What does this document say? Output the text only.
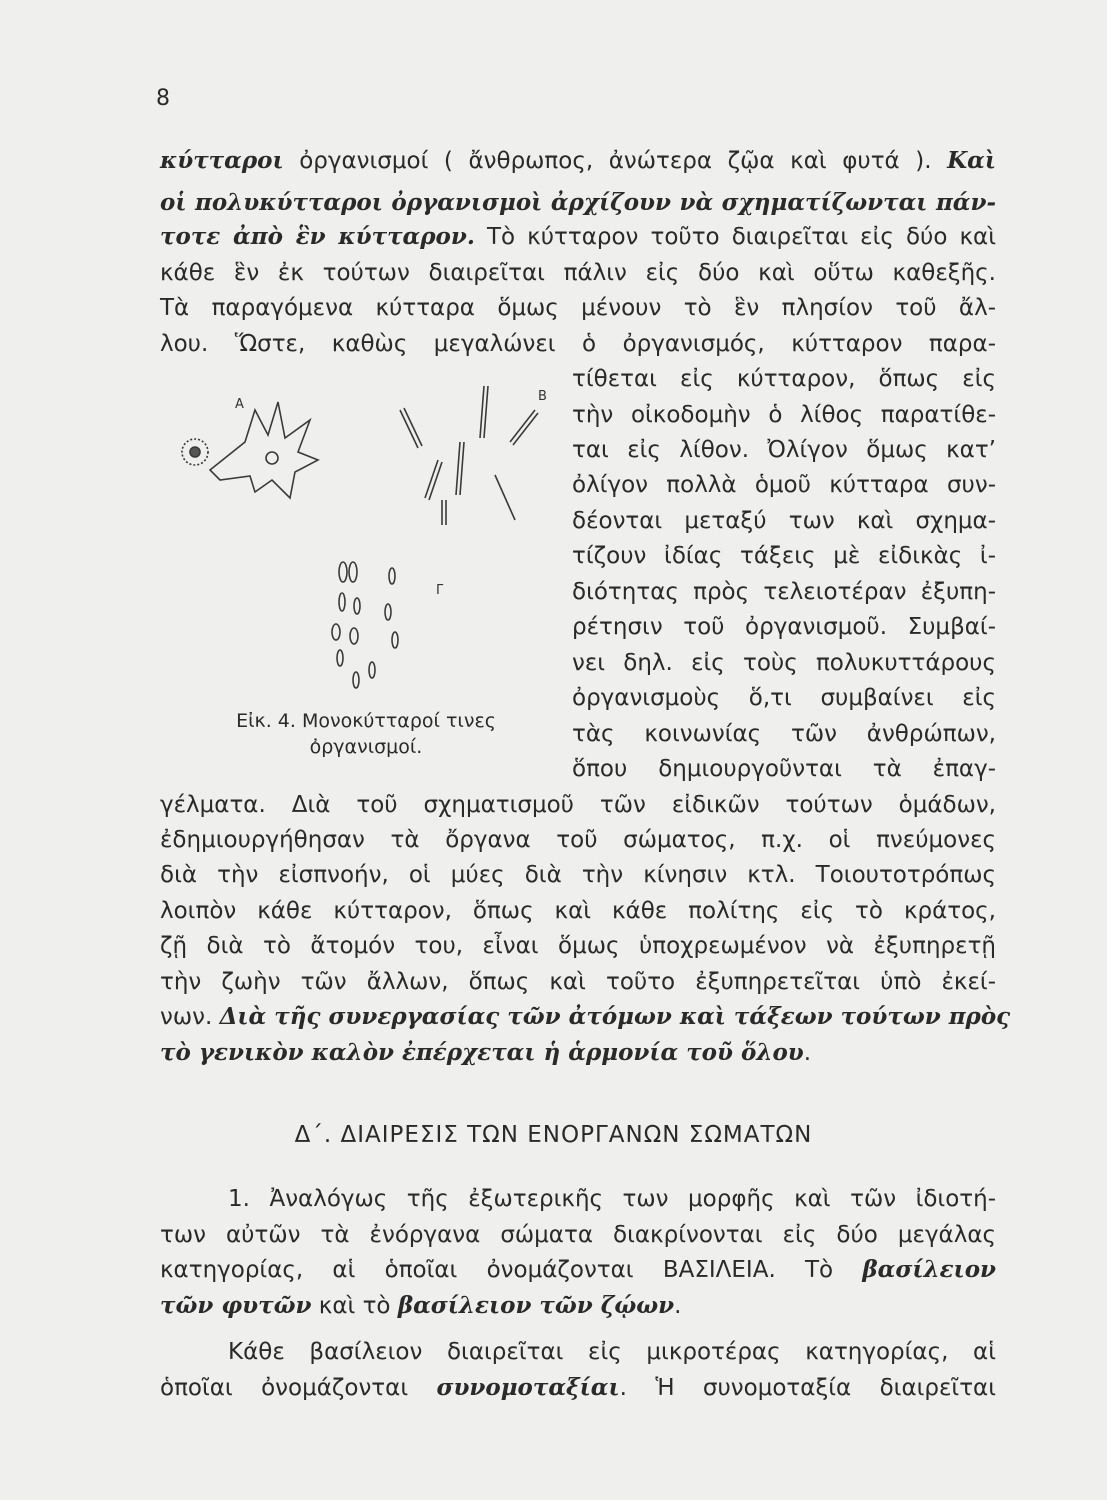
8
κύτταροι ὀργανισμοί ( ἄνθρωπος, ἀνώτερα ζῷα καὶ φυτά ). Καὶ
οἱ πολυκύτταροι ὀργανισμοὶ ἀρχίζουν νὰ σχηματίζωνται πάν-
τοτε ἀπὸ ἓν κύτταρον. Τὸ κύτταρον τοῦτο διαιρεῖται εἰς δύο καὶ
κάθε ἓν ἐκ τούτων διαιρεῖται πάλιν εἰς δύο καὶ οὕτω καθεξῆς.
Τὰ παραγόμενα κύτταρα ὅμως μένουν τὸ ἓν πλησίον τοῦ ἄλ-
λου. Ὥστε, καθὼς μεγαλώνει ὁ ὀργανισμός, κύτταρον παρα-
Α
Β
Γ
Εἰκ. 4. Μονοκύτταροί τινες
ὀργανισμοί.
τίθεται εἰς κύτταρον, ὅπως εἰς
τὴν οἰκοδομὴν ὁ λίθος παρατίθε-
ται εἰς λίθον. Ὀλίγον ὅμως κατ’
ὀλίγον πολλὰ ὁμοῦ κύτταρα συν-
δέονται μεταξύ των καὶ σχημα-
τίζουν ἰδίας τάξεις μὲ εἰδικὰς ἰ-
διότητας πρὸς τελειοτέραν ἐξυπη-
ρέτησιν τοῦ ὀργανισμοῦ. Συμβαί-
νει δηλ. εἰς τοὺς πολυκυττάρους
ὀργανισμοὺς ὅ,τι συμβαίνει εἰς
τὰς κοινωνίας τῶν ἀνθρώπων,
ὅπου δημιουργοῦνται τὰ ἐπαγ-
γέλματα. Διὰ τοῦ σχηματισμοῦ τῶν εἰδικῶν τούτων ὁμάδων,
ἐδημιουργήθησαν τὰ ὄργανα τοῦ σώματος, π.χ. οἱ πνεύμονες
διὰ τὴν εἰσπνοήν, οἱ μύες διὰ τὴν κίνησιν κτλ. Τοιουτοτρόπως
λοιπὸν κάθε κύτταρον, ὅπως καὶ κάθε πολίτης εἰς τὸ κράτος,
ζῇ διὰ τὸ ἄτομόν του, εἶναι ὅμως ὑποχρεωμένον νὰ ἐξυπηρετῇ
τὴν ζωὴν τῶν ἄλλων, ὅπως καὶ τοῦτο ἐξυπηρετεῖται ὑπὸ ἐκεί-
νων. Διὰ τῆς συνεργασίας τῶν ἀτόμων καὶ τάξεων τούτων πρὸς
τὸ γενικὸν καλὸν ἐπέρχεται ἡ ἁρμονία τοῦ ὅλου.
Δ΄. ΔΙΑΙΡΕΣΙΣ ΤΩΝ ΕΝΟΡΓΑΝΩΝ ΣΩΜΑΤΩΝ
1. Ἀναλόγως τῆς ἐξωτερικῆς των μορφῆς καὶ τῶν ἰδιοτή-
των αὐτῶν τὰ ἐνόργανα σώματα διακρίνονται εἰς δύο μεγάλας
κατηγορίας, αἱ ὁποῖαι ὀνομάζονται ΒΑΣΙΛΕΙΑ. Τὸ βασίλειον
τῶν φυτῶν καὶ τὸ βασίλειον τῶν ζῴων.
Κάθε βασίλειον διαιρεῖται εἰς μικροτέρας κατηγορίας, αἱ
ὁποῖαι ὀνομάζονται συνομοταξίαι. Ἡ συνομοταξία διαιρεῖται
